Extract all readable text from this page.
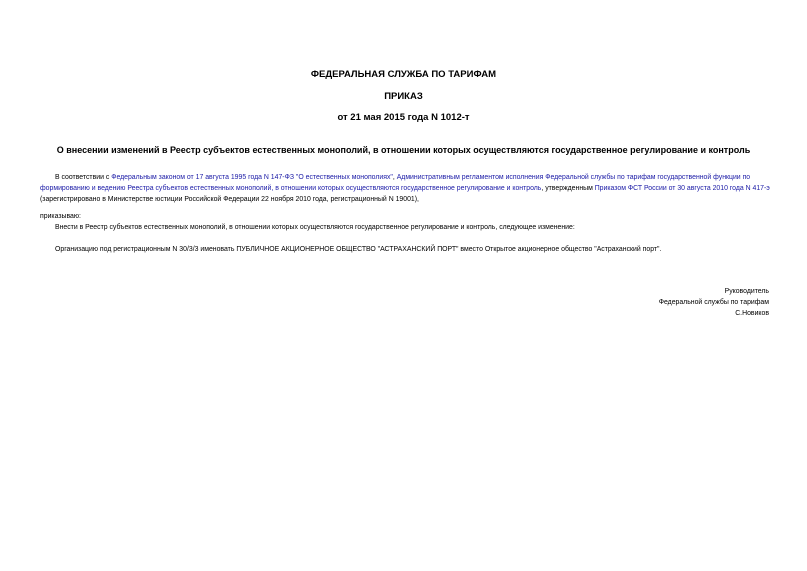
ФЕДЕРАЛЬНАЯ СЛУЖБА ПО ТАРИФАМ
ПРИКАЗ
от 21 мая 2015 года N 1012-т
О внесении изменений в Реестр субъектов естественных монополий, в отношении которых осуществляются государственное регулирование и контроль
В соответствии с Федеральным законом от 17 августа 1995 года N 147-ФЗ "О естественных монополиях", Административным регламентом исполнения Федеральной службы по тарифам государственной функции по формированию и ведению Реестра субъектов естественных монополий, в отношении которых осуществляются государственное регулирование и контроль, утвержденным Приказом ФСТ России от 30 августа 2010 года N 417-э (зарегистрировано в Министерстве юстиции Российской Федерации 22 ноября 2010 года, регистрационный N 19001),
приказываю:
Внести в Реестр субъектов естественных монополий, в отношении которых осуществляются государственное регулирование и контроль, следующее изменение:
Организацию под регистрационным N 30/3/3 именовать ПУБЛИЧНОЕ АКЦИОНЕРНОЕ ОБЩЕСТВО "АСТРАХАНСКИЙ ПОРТ" вместо Открытое акционерное общество "Астраханский порт".
Руководитель
Федеральной службы по тарифам
С.Новиков
